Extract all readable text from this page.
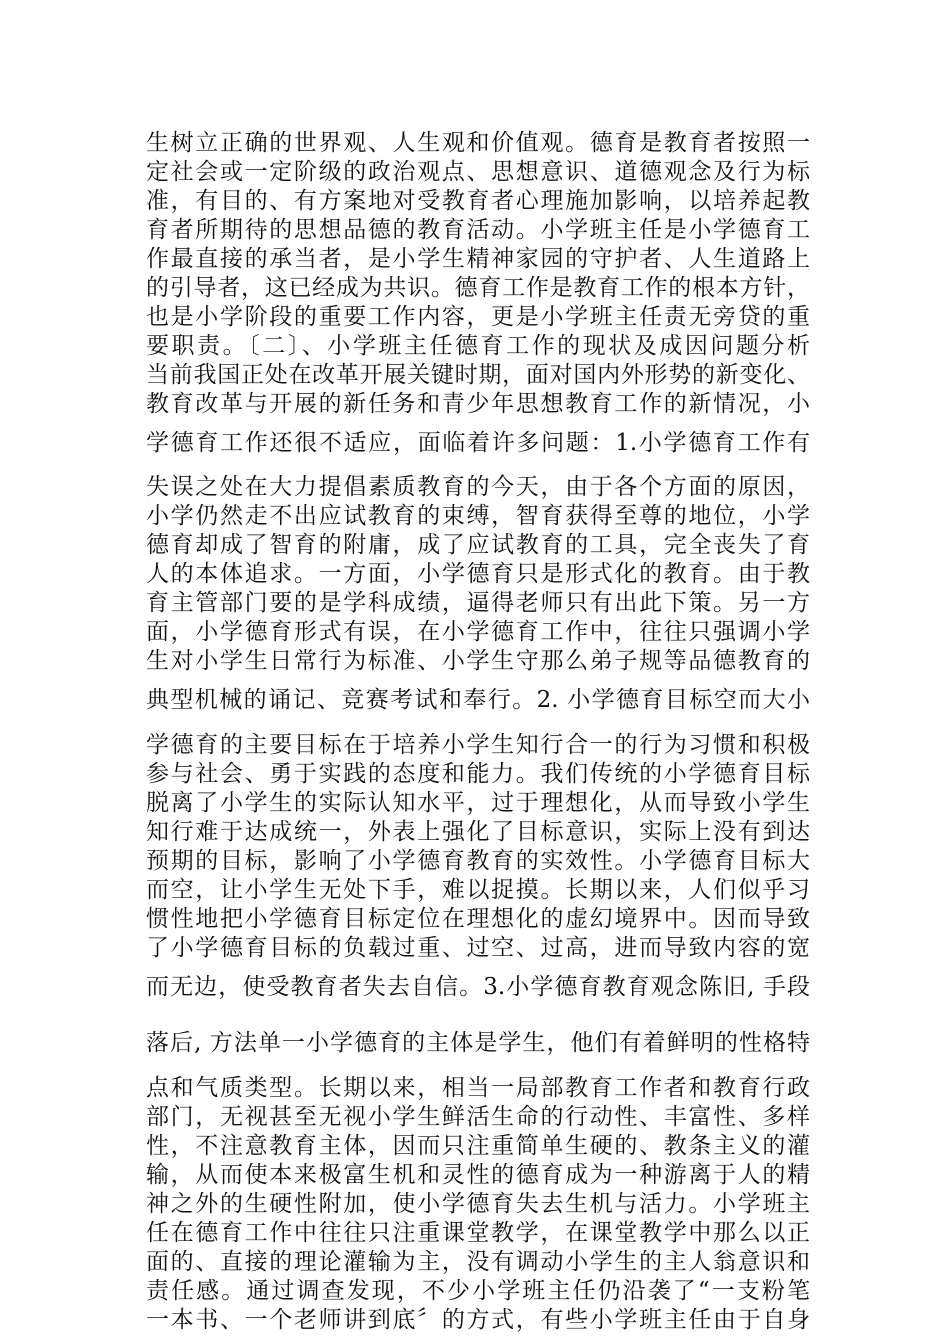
生树立正确的世界观、人生观和价值观。德育是教育者按照一
定社会或一定阶级的政治观点、思想意识、道德观念及行为标
准，有目的、有方案地对受教育者心理施加影响，以培养起教
育者所期待的思想品德的教育活动。小学班主任是小学德育工
作最直接的承当者，是小学生精神家园的守护者、人生道路上
的引导者，这已经成为共识。德育工作是教育工作的根本方针，
也是小学阶段的重要工作内容，更是小学班主任责无旁贷的重
要职责。〔二〕、小学班主任德育工作的现状及成因问题分析
当前我国正处在改革开展关键时期，面对国内外形势的新变化、
教育改革与开展的新任务和青少年思想教育工作的新情况，小
学德育工作还很不适应，面临着许多问题：1.小学德育工作有
失误之处在大力提倡素质教育的今天，由于各个方面的原因，
小学仍然走不出应试教育的束缚，智育获得至尊的地位，小学
德育却成了智育的附庸，成了应试教育的工具，完全丧失了育
人的本体追求。一方面，小学德育只是形式化的教育。由于教
育主管部门要的是学科成绩，逼得老师只有出此下策。另一方
面，小学德育形式有误，在小学德育工作中，往往只强调小学
生对小学生日常行为标准、小学生守那么弟子规等品德教育的
典型机械的诵记、竞赛考试和奉行。2. 小学德育目标空而大小
学德育的主要目标在于培养小学生知行合一的行为习惯和积极
参与社会、勇于实践的态度和能力。我们传统的小学德育目标
脱离了小学生的实际认知水平，过于理想化，从而导致小学生
知行难于达成统一，外表上强化了目标意识，实际上没有到达
预期的目标，影响了小学德育教育的实效性。小学德育目标大
而空，让小学生无处下手，难以捉摸。长期以来，人们似乎习
惯性地把小学德育目标定位在理想化的虚幻境界中。因而导致
了小学德育目标的负载过重、过空、过高，进而导致内容的宽
而无边，使受教育者失去自信。3.小学德育教育观念陈旧, 手段
落后, 方法单一小学德育的主体是学生，他们有着鲜明的性格特
点和气质类型。长期以来，相当一局部教育工作者和教育行政
部门，无视甚至无视小学生鲜活生命的行动性、丰富性、多样
性，不注意教育主体，因而只注重简单生硬的、教条主义的灌
输，从而使本来极富生机和灵性的德育成为一种游离于人的精
神之外的生硬性附加，使小学德育失去生机与活力。小学班主
任在德育工作中往往只注重课堂教学，在课堂教学中那么以正
面的、直接的理论灌输为主，没有调动小学生的主人翁意识和
责任感。通过调查发现，不少小学班主任仍沿袭了“一支粉笔
一本书、一个老师讲到底〞的方式，有些小学班主任由于自身
